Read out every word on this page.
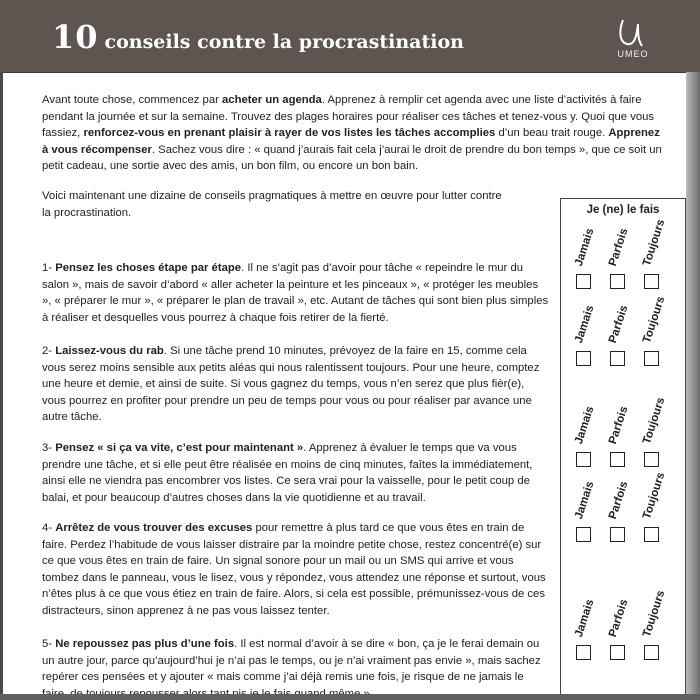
10 conseils contre la procrastination
UMEO

Avant toute chose, commencez par acheter un agenda. Apprenez à remplir cet agenda avec une liste d’activités à faire pendant la journée et sur la semaine. Trouvez des plages horaires pour réaliser ces tâches et tenez-vous y. Quoi que vous fassiez, renforcez-vous en prenant plaisir à rayer de vos listes les tâches accomplies d’un beau trait rouge. Apprenez à vous récompenser. Sachez vous dire : « quand j’aurais fait cela j’aurai le droit de prendre du bon temps », que ce soit un petit cadeau, une sortie avec des amis, un bon film, ou encore un bon bain.

Voici maintenant une dizaine de conseils pragmatiques à mettre en œuvre pour lutter contre la procrastination.

1- Pensez les choses étape par étape. Il ne s’agit pas d’avoir pour tâche « repeindre le mur du salon », mais de savoir d’abord « aller acheter la peinture et les pinceaux », « protéger les meubles », « préparer le mur », « préparer le plan de travail », etc. Autant de tâches qui sont bien plus simples à réaliser et desquelles vous pourrez à chaque fois retirer de la fierté.

2- Laissez-vous du rab. Si une tâche prend 10 minutes, prévoyez de la faire en 15, comme cela vous serez moins sensible aux petits aléas qui nous ralentissent toujours. Pour une heure, comptez une heure et demie, et ainsi de suite. Si vous gagnez du temps, vous n’en serez que plus fièr(e), vous pourrez en profiter pour prendre un peu de temps pour vous ou pour réaliser par avance une autre tâche.

3- Pensez « si ça va vite, c’est pour maintenant ». Apprenez à évaluer le temps que va vous prendre une tâche, et si elle peut être réalisée en moins de cinq minutes, faîtes la immédiatement, ainsi elle ne viendra pas encombrer vos listes. Ce sera vrai pour la vaisselle, pour le petit coup de balai, et pour beaucoup d’autres choses dans la vie quotidienne et au travail.

4- Arrêtez de vous trouver des excuses pour remettre à plus tard ce que vous êtes en train de faire. Perdez l’habitude de vous laisser distraire par la moindre petite chose, restez concentré(e) sur ce que vous êtes en train de faire. Un signal sonore pour un mail ou un SMS qui arrive et vous tombez dans le panneau, vous le lisez, vous y répondez, vous attendez une réponse et surtout, vous n’êtes plus à ce que vous étiez en train de faire. Alors, si cela est possible, prémunissez-vous de ces distracteurs, sinon apprenez à ne pas vous laissez tenter.

5- Ne repoussez pas plus d’une fois. Il est normal d’avoir à se dire « bon, ça je le ferai demain ou un autre jour, parce qu’aujourd’hui je n’ai pas le temps, ou je n’ai vraiment pas envie », mais sachez repérer ces pensées et y ajouter « mais comme j’ai déjà remis une fois, je risque de ne jamais le

Je (ne) le fais
Jamais Parfois Toujours
Jamais Parfois Toujours
Jamais Parfois Toujours
Jamais Parfois Toujours
Jamais Parfois Toujours
